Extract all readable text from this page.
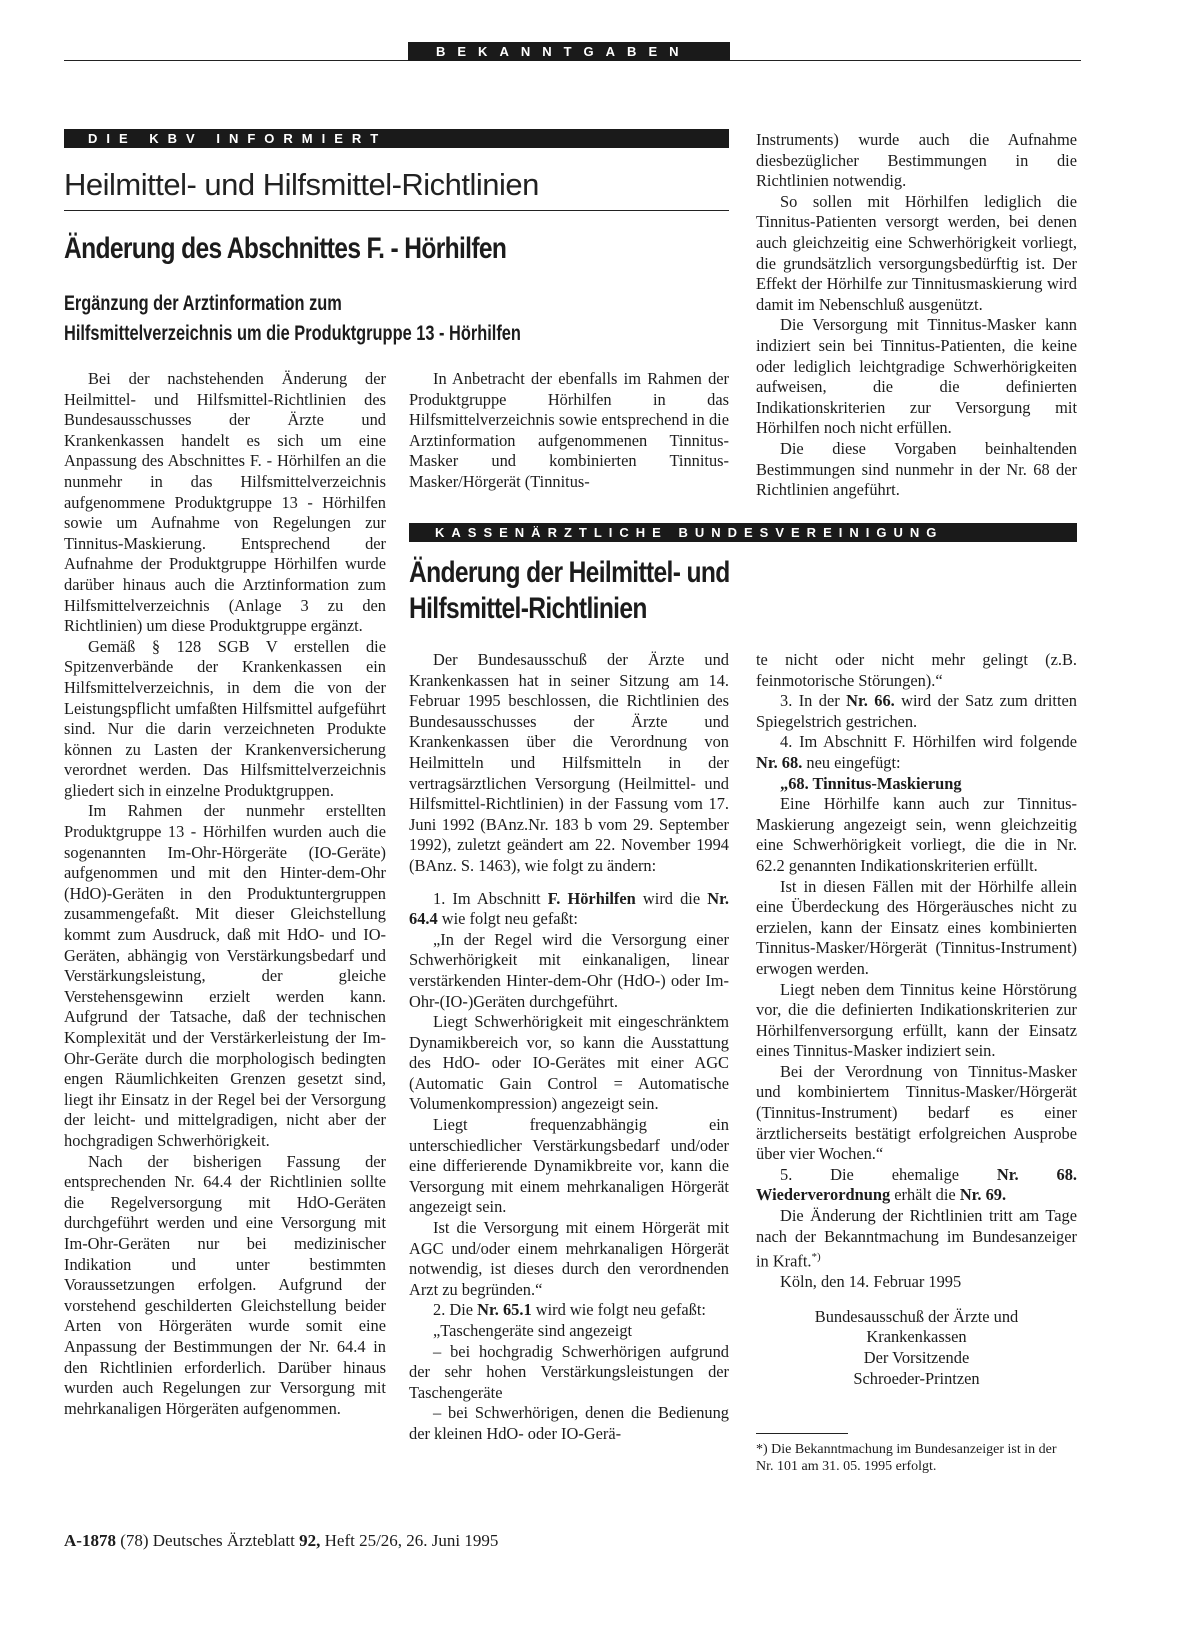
BEKANNTGABEN
DIE KBV INFORMIERT
Heilmittel- und Hilfsmittel-Richtlinien
Änderung des Abschnittes F. - Hörhilfen
Ergänzung der Arztinformation zum
Hilfsmittelverzeichnis um die Produktgruppe 13 - Hörhilfen

Bei der nachstehenden Änderung der Heilmittel- und Hilfsmittel-Richtlinien des Bundesausschusses der Ärzte und Krankenkassen handelt es sich um eine Anpassung des Abschnittes F. - Hörhilfen an die nunmehr in das Hilfsmittelverzeichnis aufgenommene Produktgruppe 13 - Hörhilfen sowie um Aufnahme von Regelungen zur Tinnitus-Maskierung. Entsprechend der Aufnahme der Produktgruppe Hörhilfen wurde darüber hinaus auch die Arztinformation zum Hilfsmittelverzeichnis (Anlage 3 zu den Richtlinien) um diese Produktgruppe ergänzt.

Gemäß § 128 SGB V erstellen die Spitzenverbände der Krankenkassen ein Hilfsmittelverzeichnis, in dem die von der Leistungspflicht umfaßten Hilfsmittel aufgeführt sind. Nur die darin verzeichneten Produkte können zu Lasten der Krankenversicherung verordnet werden. Das Hilfsmittelverzeichnis gliedert sich in einzelne Produktgruppen.

Im Rahmen der nunmehr erstellten Produktgruppe 13 - Hörhilfen wurden auch die sogenannten Im-Ohr-Hörgeräte (IO-Geräte) aufgenommen und mit den Hinter-dem-Ohr (HdO)-Geräten in den Produktuntergruppen zusammengefaßt. Mit dieser Gleichstellung kommt zum Ausdruck, daß mit HdO- und IO-Geräten, abhängig von Verstärkungsbedarf und Verstärkungsleistung, der gleiche Verstehensgewinn erzielt werden kann. Aufgrund der Tatsache, daß der technischen Komplexität und der Verstärkerleistung der Im-Ohr-Geräte durch die morphologisch bedingten engen Räumlichkeiten Grenzen gesetzt sind, liegt ihr Einsatz in der Regel bei der Versorgung der leicht- und mittelgradigen, nicht aber der hochgradigen Schwerhörigkeit.

Nach der bisherigen Fassung der entsprechenden Nr. 64.4 der Richtlinien sollte die Regelversorgung mit HdO-Geräten durchgeführt werden und eine Versorgung mit Im-Ohr-Geräten nur bei medizinischer Indikation und unter bestimmten Voraussetzungen erfolgen. Aufgrund der vorstehend geschilderten Gleichstellung beider Arten von Hörgeräten wurde somit eine Anpassung der Bestimmungen der Nr. 64.4 in den Richtlinien erforderlich. Darüber hinaus wurden auch Regelungen zur Versorgung mit mehrkanaligen Hörgeräten aufgenommen.

In Anbetracht der ebenfalls im Rahmen der Produktgruppe Hörhilfen in das Hilfsmittelverzeichnis sowie entsprechend in die Arztinformation aufgenommenen Tinnitus-Masker und kombinierten Tinnitus-Masker/Hörgerät (Tinnitus-

Instruments) wurde auch die Aufnahme diesbezüglicher Bestimmungen in die Richtlinien notwendig.

So sollen mit Hörhilfen lediglich die Tinnitus-Patienten versorgt werden, bei denen auch gleichzeitig eine Schwerhörigkeit vorliegt, die grundsätzlich versorgungsbedürftig ist. Der Effekt der Hörhilfe zur Tinnitusmaskierung wird damit im Nebenschluß ausgenützt.

Die Versorgung mit Tinnitus-Masker kann indiziert sein bei Tinnitus-Patienten, die keine oder lediglich leichtgradige Schwerhörigkeiten aufweisen, die die definierten Indikationskriterien zur Versorgung mit Hörhilfen noch nicht erfüllen.

Die diese Vorgaben beinhaltenden Bestimmungen sind nunmehr in der Nr. 68 der Richtlinien angeführt.

KASSENÄRZTLICHE BUNDESVEREINIGUNG
Änderung der Heilmittel- und
Hilfsmittel-Richtlinien

Der Bundesausschuß der Ärzte und Krankenkassen hat in seiner Sitzung am 14. Februar 1995 beschlossen, die Richtlinien des Bundesausschusses der Ärzte und Krankenkassen über die Verordnung von Heilmitteln und Hilfsmitteln in der vertragsärztlichen Versorgung (Heilmittel- und Hilfsmittel-Richtlinien) in der Fassung vom 17. Juni 1992 (BAnz.Nr. 183 b vom 29. September 1992), zuletzt geändert am 22. November 1994 (BAnz. S. 1463), wie folgt zu ändern:

1. Im Abschnitt F. Hörhilfen wird die Nr. 64.4 wie folgt neu gefaßt:

„In der Regel wird die Versorgung einer Schwerhörigkeit mit einkanaligen, linear verstärkenden Hinter-dem-Ohr (HdO-) oder Im-Ohr-(IO-)Geräten durchgeführt.

Liegt Schwerhörigkeit mit eingeschränktem Dynamikbereich vor, so kann die Ausstattung des HdO- oder IO-Gerätes mit einer AGC (Automatic Gain Control = Automatische Volumenkompression) angezeigt sein.

Liegt frequenzabhängig ein unterschiedlicher Verstärkungsbedarf und/oder eine differierende Dynamikbreite vor, kann die Versorgung mit einem mehrkanaligen Hörgerät angezeigt sein.

Ist die Versorgung mit einem Hörgerät mit AGC und/oder einem mehrkanaligen Hörgerät notwendig, ist dieses durch den verordnenden Arzt zu begründen.“

2. Die Nr. 65.1 wird wie folgt neu gefaßt:

„Taschengeräte sind angezeigt

– bei hochgradig Schwerhörigen aufgrund der sehr hohen Verstärkungsleistungen der Taschengeräte

– bei Schwerhörigen, denen die Bedienung der kleinen HdO- oder IO-Gerä-

te nicht oder nicht mehr gelingt (z.B. feinmotorische Störungen).“

3. In der Nr. 66. wird der Satz zum dritten Spiegelstrich gestrichen.

4. Im Abschnitt F. Hörhilfen wird folgende Nr. 68. neu eingefügt:

„68. Tinnitus-Maskierung

Eine Hörhilfe kann auch zur Tinnitus-Maskierung angezeigt sein, wenn gleichzeitig eine Schwerhörigkeit vorliegt, die die in Nr. 62.2 genannten Indikationskriterien erfüllt.

Ist in diesen Fällen mit der Hörhilfe allein eine Überdeckung des Hörgeräusches nicht zu erzielen, kann der Einsatz eines kombinierten Tinnitus-Masker/Hörgerät (Tinnitus-Instrument) erwogen werden.

Liegt neben dem Tinnitus keine Hörstörung vor, die die definierten Indikationskriterien zur Hörhilfenversorgung erfüllt, kann der Einsatz eines Tinnitus-Masker indiziert sein.

Bei der Verordnung von Tinnitus-Masker und kombiniertem Tinnitus-Masker/Hörgerät (Tinnitus-Instrument) bedarf es einer ärztlicherseits bestätigt erfolgreichen Ausprobe über vier Wochen.“

5. Die ehemalige Nr. 68. Wiederverordnung erhält die Nr. 69.

Die Änderung der Richtlinien tritt am Tage nach der Bekanntmachung im Bundesanzeiger in Kraft.*)

Köln, den 14. Februar 1995

Bundesausschuß der Ärzte und

Krankenkassen

Der Vorsitzende

Schroeder-Printzen

*) Die Bekanntmachung im Bundesanzeiger ist in der Nr. 101 am 31. 05. 1995 erfolgt.
A-1878 (78) Deutsches Ärzteblatt 92, Heft 25/26, 26. Juni 1995
